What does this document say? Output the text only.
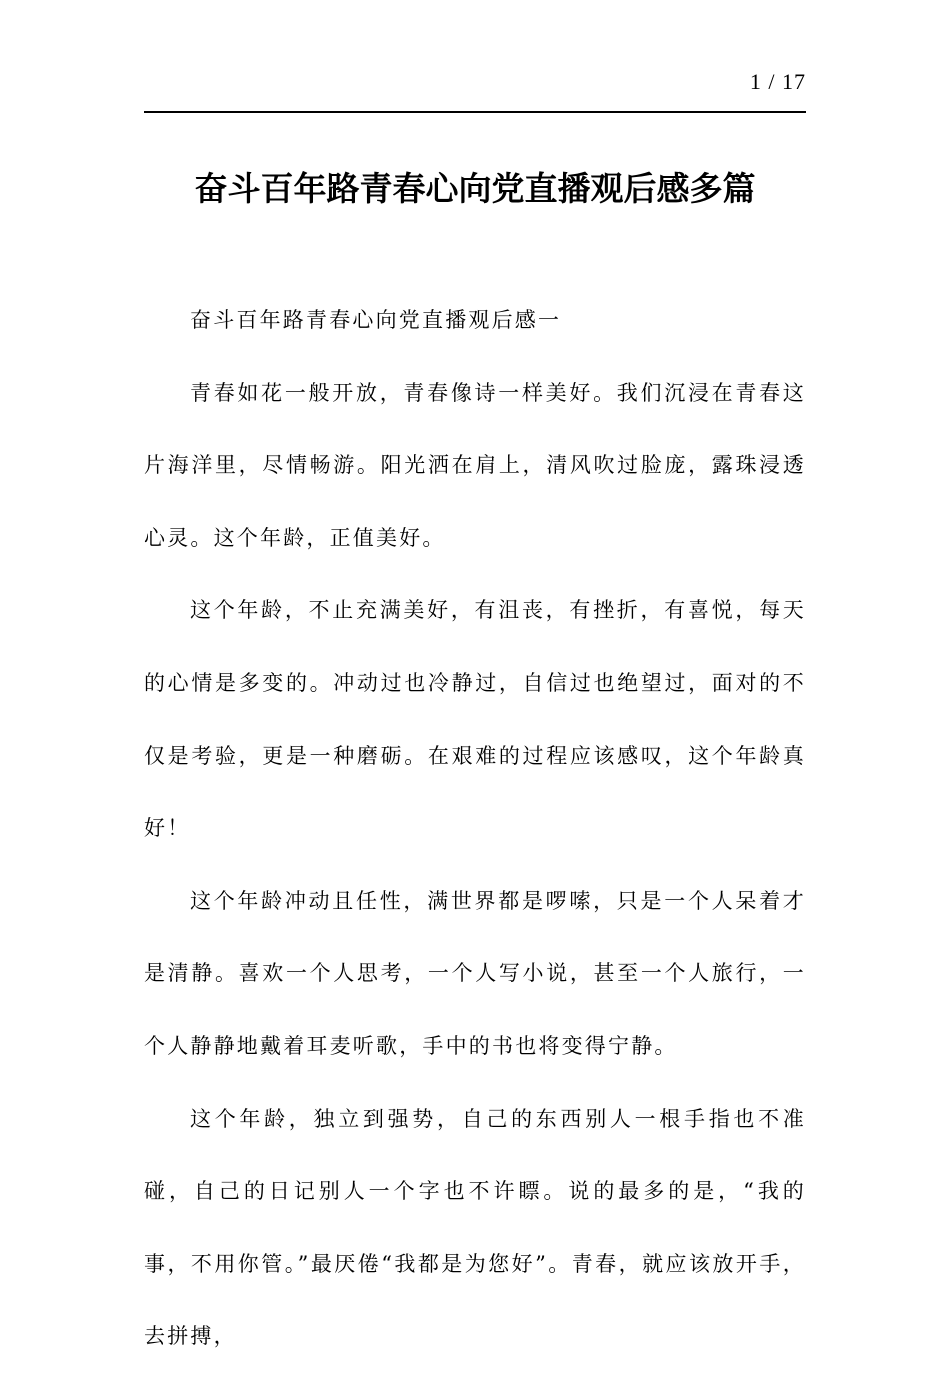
1 / 17
奋斗百年路青春心向党直播观后感多篇

奋斗百年路青春心向党直播观后感一

青春如花一般开放，青春像诗一样美好。我们沉浸在青春这片海洋里，尽情畅游。阳光洒在肩上，清风吹过脸庞，露珠浸透心灵。这个年龄，正值美好。

这个年龄，不止充满美好，有沮丧，有挫折，有喜悦，每天的心情是多变的。冲动过也冷静过，自信过也绝望过，面对的不仅是考验，更是一种磨砺。在艰难的过程应该感叹，这个年龄真好！

这个年龄冲动且任性，满世界都是啰嗦，只是一个人呆着才是清静。喜欢一个人思考，一个人写小说，甚至一个人旅行，一个人静静地戴着耳麦听歌，手中的书也将变得宁静。

这个年龄，独立到强势，自己的东西别人一根手指也不准碰，自己的日记别人一个字也不许瞟。说的最多的是，“我的事，不用你管。”最厌倦“我都是为您好”。青春，就应该放开手，去拼搏，
